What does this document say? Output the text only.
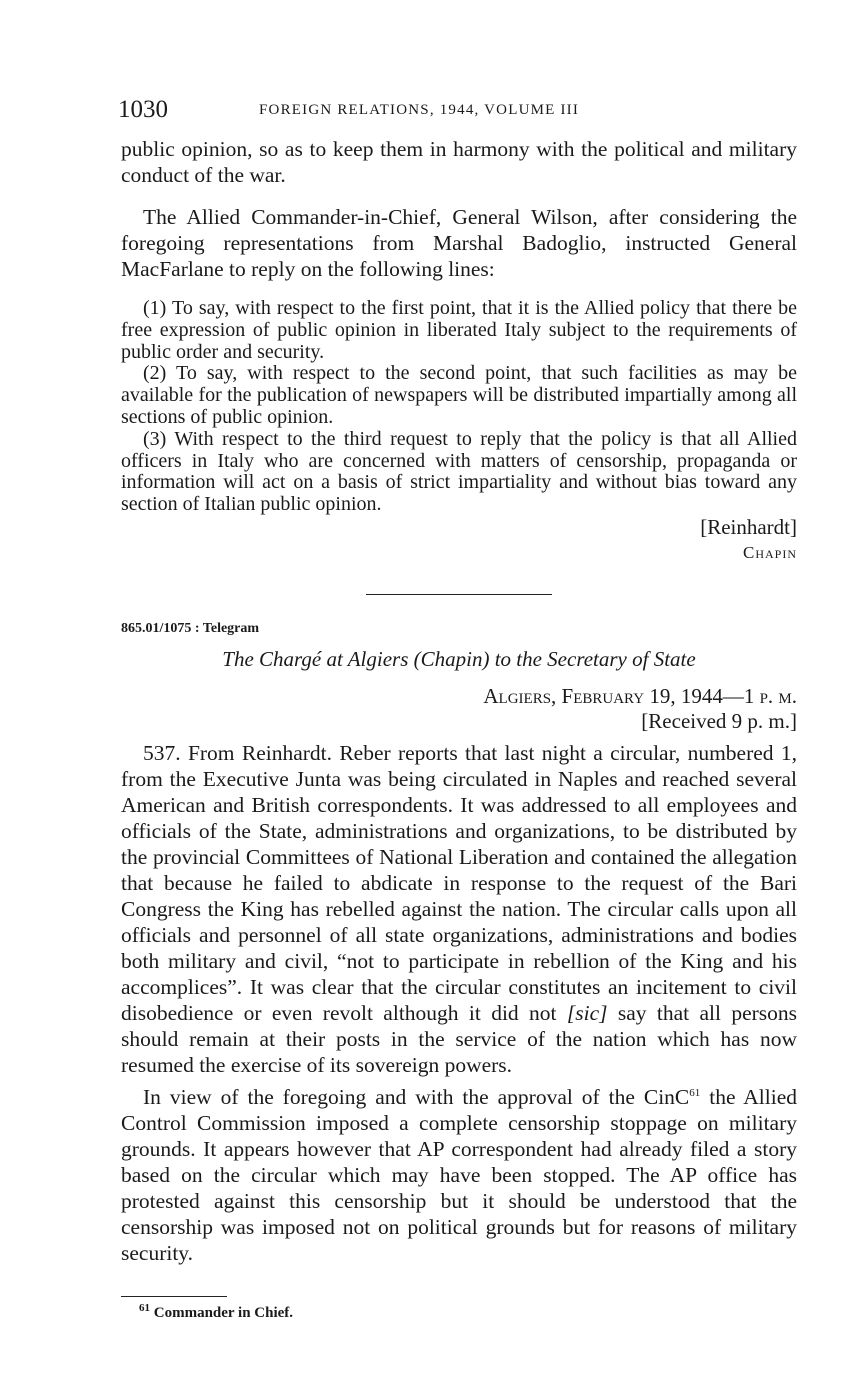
1030	FOREIGN RELATIONS, 1944, VOLUME III

public opinion, so as to keep them in harmony with the political and military conduct of the war.

The Allied Commander-in-Chief, General Wilson, after considering the foregoing representations from Marshal Badoglio, instructed General MacFarlane to reply on the following lines:

(1) To say, with respect to the first point, that it is the Allied policy that there be free expression of public opinion in liberated Italy subject to the requirements of public order and security.

(2) To say, with respect to the second point, that such facilities as may be available for the publication of newspapers will be distributed impartially among all sections of public opinion.

(3) With respect to the third request to reply that the policy is that all Allied officers in Italy who are concerned with matters of censorship, propaganda or information will act on a basis of strict impartiality and without bias toward any section of Italian public opinion.

[Reinhardt]

Chapin

865.01/1075 : Telegram

The Chargé at Algiers (Chapin) to the Secretary of State

Algiers, February 19, 1944—1 p. m.

[Received 9 p. m.]

537. From Reinhardt. Reber reports that last night a circular, numbered 1, from the Executive Junta was being circulated in Naples and reached several American and British correspondents. It was addressed to all employees and officials of the State, administrations and organizations, to be distributed by the provincial Committees of National Liberation and contained the allegation that because he failed to abdicate in response to the request of the Bari Congress the King has rebelled against the nation. The circular calls upon all officials and personnel of all state organizations, administrations and bodies both military and civil, “not to participate in rebellion of the King and his accomplices”. It was clear that the circular constitutes an incitement to civil disobedience or even revolt although it did not [sic] say that all persons should remain at their posts in the service of the nation which has now resumed the exercise of its sovereign powers.

In view of the foregoing and with the approval of the CinC$^{61}$ the Allied Control Commission imposed a complete censorship stoppage on military grounds. It appears however that AP correspondent had already filed a story based on the circular which may have been stopped. The AP office has protested against this censorship but it should be understood that the censorship was imposed not on political grounds but for reasons of military security.

$^{61}$ Commander in Chief.
